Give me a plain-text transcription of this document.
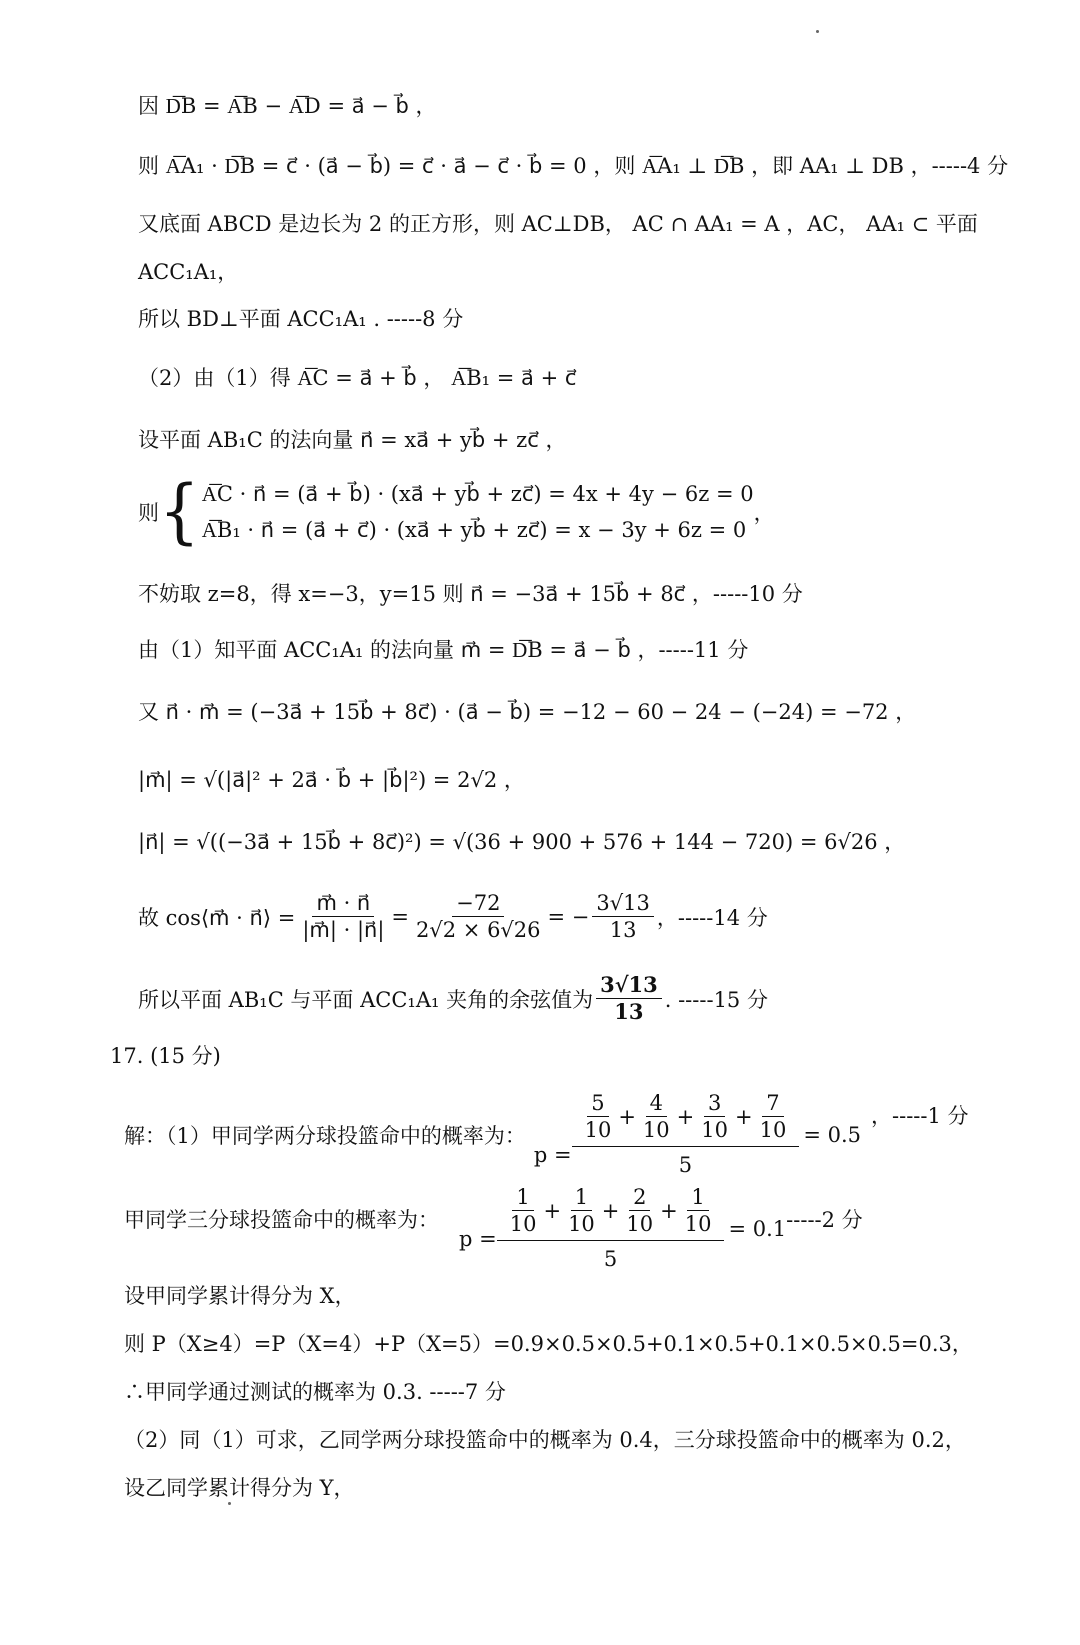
因 D͞B = A͞B − A͞D = a⃗ − b⃗ ，
则 A͞A₁ · D͞B = c⃗ · (a⃗ − b⃗) = c⃗ · a⃗ − c⃗ · b⃗ = 0 ，则 A͞A₁ ⊥ D͞B ，即 AA₁ ⊥ DB ，-----4 分
又底面 ABCD 是边长为 2 的正方形，则 AC⊥DB， AC ∩ AA₁ = A ，AC， AA₁ ⊂ 平面
ACC₁A₁，
所以 BD⊥平面 ACC₁A₁ . -----8 分
（2）由（1）得 A͞C = a⃗ + b⃗ ， A͞B₁ = a⃗ + c⃗
设平面 AB₁C 的法向量 n⃗ = xa⃗ + yb⃗ + zc⃗ ，
则 { A͞C · n⃗ = (a⃗ + b⃗) · (xa⃗ + yb⃗ + zc⃗) = 4x + 4y − 6z = 0
A͞B₁ · n⃗ = (a⃗ + c⃗) · (xa⃗ + yb⃗ + zc⃗) = x − 3y + 6z = 0
，
不妨取 z=8，得 x=−3，y=15 则 n⃗ = −3a⃗ + 15b⃗ + 8c⃗ ，-----10 分
由（1）知平面 ACC₁A₁ 的法向量 m⃗ = D͞B = a⃗ − b⃗ ，-----11 分
又 n⃗ · m⃗ = (−3a⃗ + 15b⃗ + 8c⃗) · (a⃗ − b⃗) = −12 − 60 − 24 − (−24) = −72 ，
|m⃗| = √(|a⃗|² + 2a⃗ · b⃗ + |b⃗|²) = 2√2 ，
|n⃗| = √((−3a⃗ + 15b⃗ + 8c⃗)²) = √(36 + 900 + 576 + 144 − 720) = 6√26 ，
故 cos⟨m⃗ · n⃗⟩ = $\frac{m⃗ \cdot n⃗}{|m⃗| \cdot |n⃗|} = \frac{-72}{2√2 \times 6√26}$ = − $\frac{3√13}{13}$ ，-----14 分
所以平面 AB₁C 与平面 ACC₁A₁ 夹角的余弦值为 $\frac{3√13}{13}$ . -----15 分
17. (15 分)
解：（1）甲同学两分球投篮命中的概率为：
p =
$\frac{5}{10} + \frac{4}{10} + \frac{3}{10} + \frac{7}{10}$
5
= 0.5
，-----1 分
甲同学三分球投篮命中的概率为：
p =
$\frac{1}{10} + \frac{1}{10} + \frac{2}{10} + \frac{1}{10}$
5
= 0.1 -----2 分
设甲同学累计得分为 X，
则 P（X≥4）=P（X=4）+P（X=5）=0.9×0.5×0.5+0.1×0.5+0.1×0.5×0.5=0.3，
∴甲同学通过测试的概率为 0.3. -----7 分
（2）同（1）可求，乙同学两分球投篮命中的概率为 0.4，三分球投篮命中的概率为 0.2，
设乙同学累计得分为 Y，
